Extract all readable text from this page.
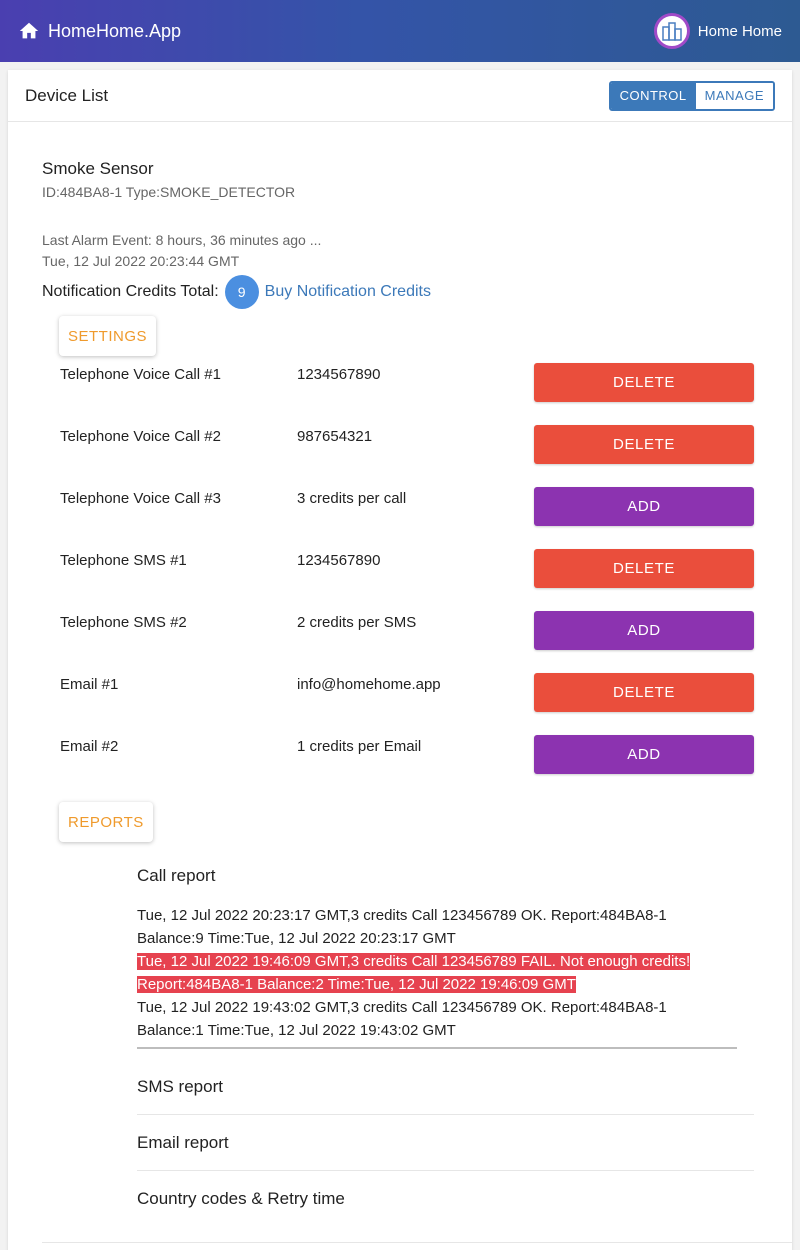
HomeHome.App	Home Home
Device List	CONTROL	MANAGE
Smoke Sensor
ID:484BA8-1 Type:SMOKE_DETECTOR
Last Alarm Event: 8 hours, 36 minutes ago ...
Tue, 12 Jul 2022 20:23:44 GMT
Notification Credits Total:	9	Buy Notification Credits
SETTINGS
Telephone Voice Call #1	1234567890	DELETE
Telephone Voice Call #2	987654321	DELETE
Telephone Voice Call #3	3 credits per call	ADD
Telephone SMS #1	1234567890	DELETE
Telephone SMS #2	2 credits per SMS	ADD
Email #1	info@homehome.app	DELETE
Email #2	1 credits per Email	ADD
REPORTS
Call report
Tue, 12 Jul 2022 20:23:17 GMT,3 credits Call 123456789 OK. Report:484BA8-1
Balance:9 Time:Tue, 12 Jul 2022 20:23:17 GMT
Tue, 12 Jul 2022 19:46:09 GMT,3 credits Call 123456789 FAIL. Not enough credits!
Report:484BA8-1 Balance:2 Time:Tue, 12 Jul 2022 19:46:09 GMT
Tue, 12 Jul 2022 19:43:02 GMT,3 credits Call 123456789 OK. Report:484BA8-1
Balance:1 Time:Tue, 12 Jul 2022 19:43:02 GMT
SMS report
Email report
Country codes & Retry time
